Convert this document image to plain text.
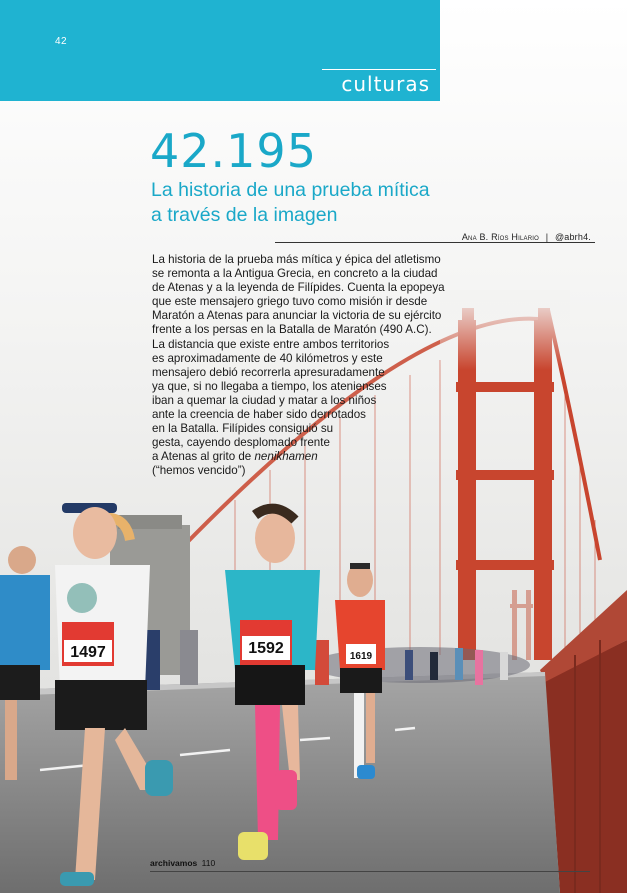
1497	1592	1619
42
culturas
42.195
La historia de una prueba mítica
a través de la imagen
Ana B. Ríos Hilario | @abrh4.
La historia de la prueba más mítica y épica del atletismo
se remonta a la Antigua Grecia, en concreto a la ciudad
de Atenas y a la leyenda de Filípides. Cuenta la epopeya
que este mensajero griego tuvo como misión ir desde
Maratón a Atenas para anunciar la victoria de su ejército
frente a los persas en la Batalla de Maratón (490 A.C).
La distancia que existe entre ambos territorios
es aproximadamente de 40 kilómetros y este
mensajero debió recorrerla apresuradamente
ya que, si no llegaba a tiempo, los atenienses
iban a quemar la ciudad y matar a los niños
ante la creencia de haber sido derrotados
en la Batalla. Filípides consiguió su
gesta, cayendo desplomado frente
a Atenas al grito de nenikhamen
(“hemos vencido”)
archivamos 110
